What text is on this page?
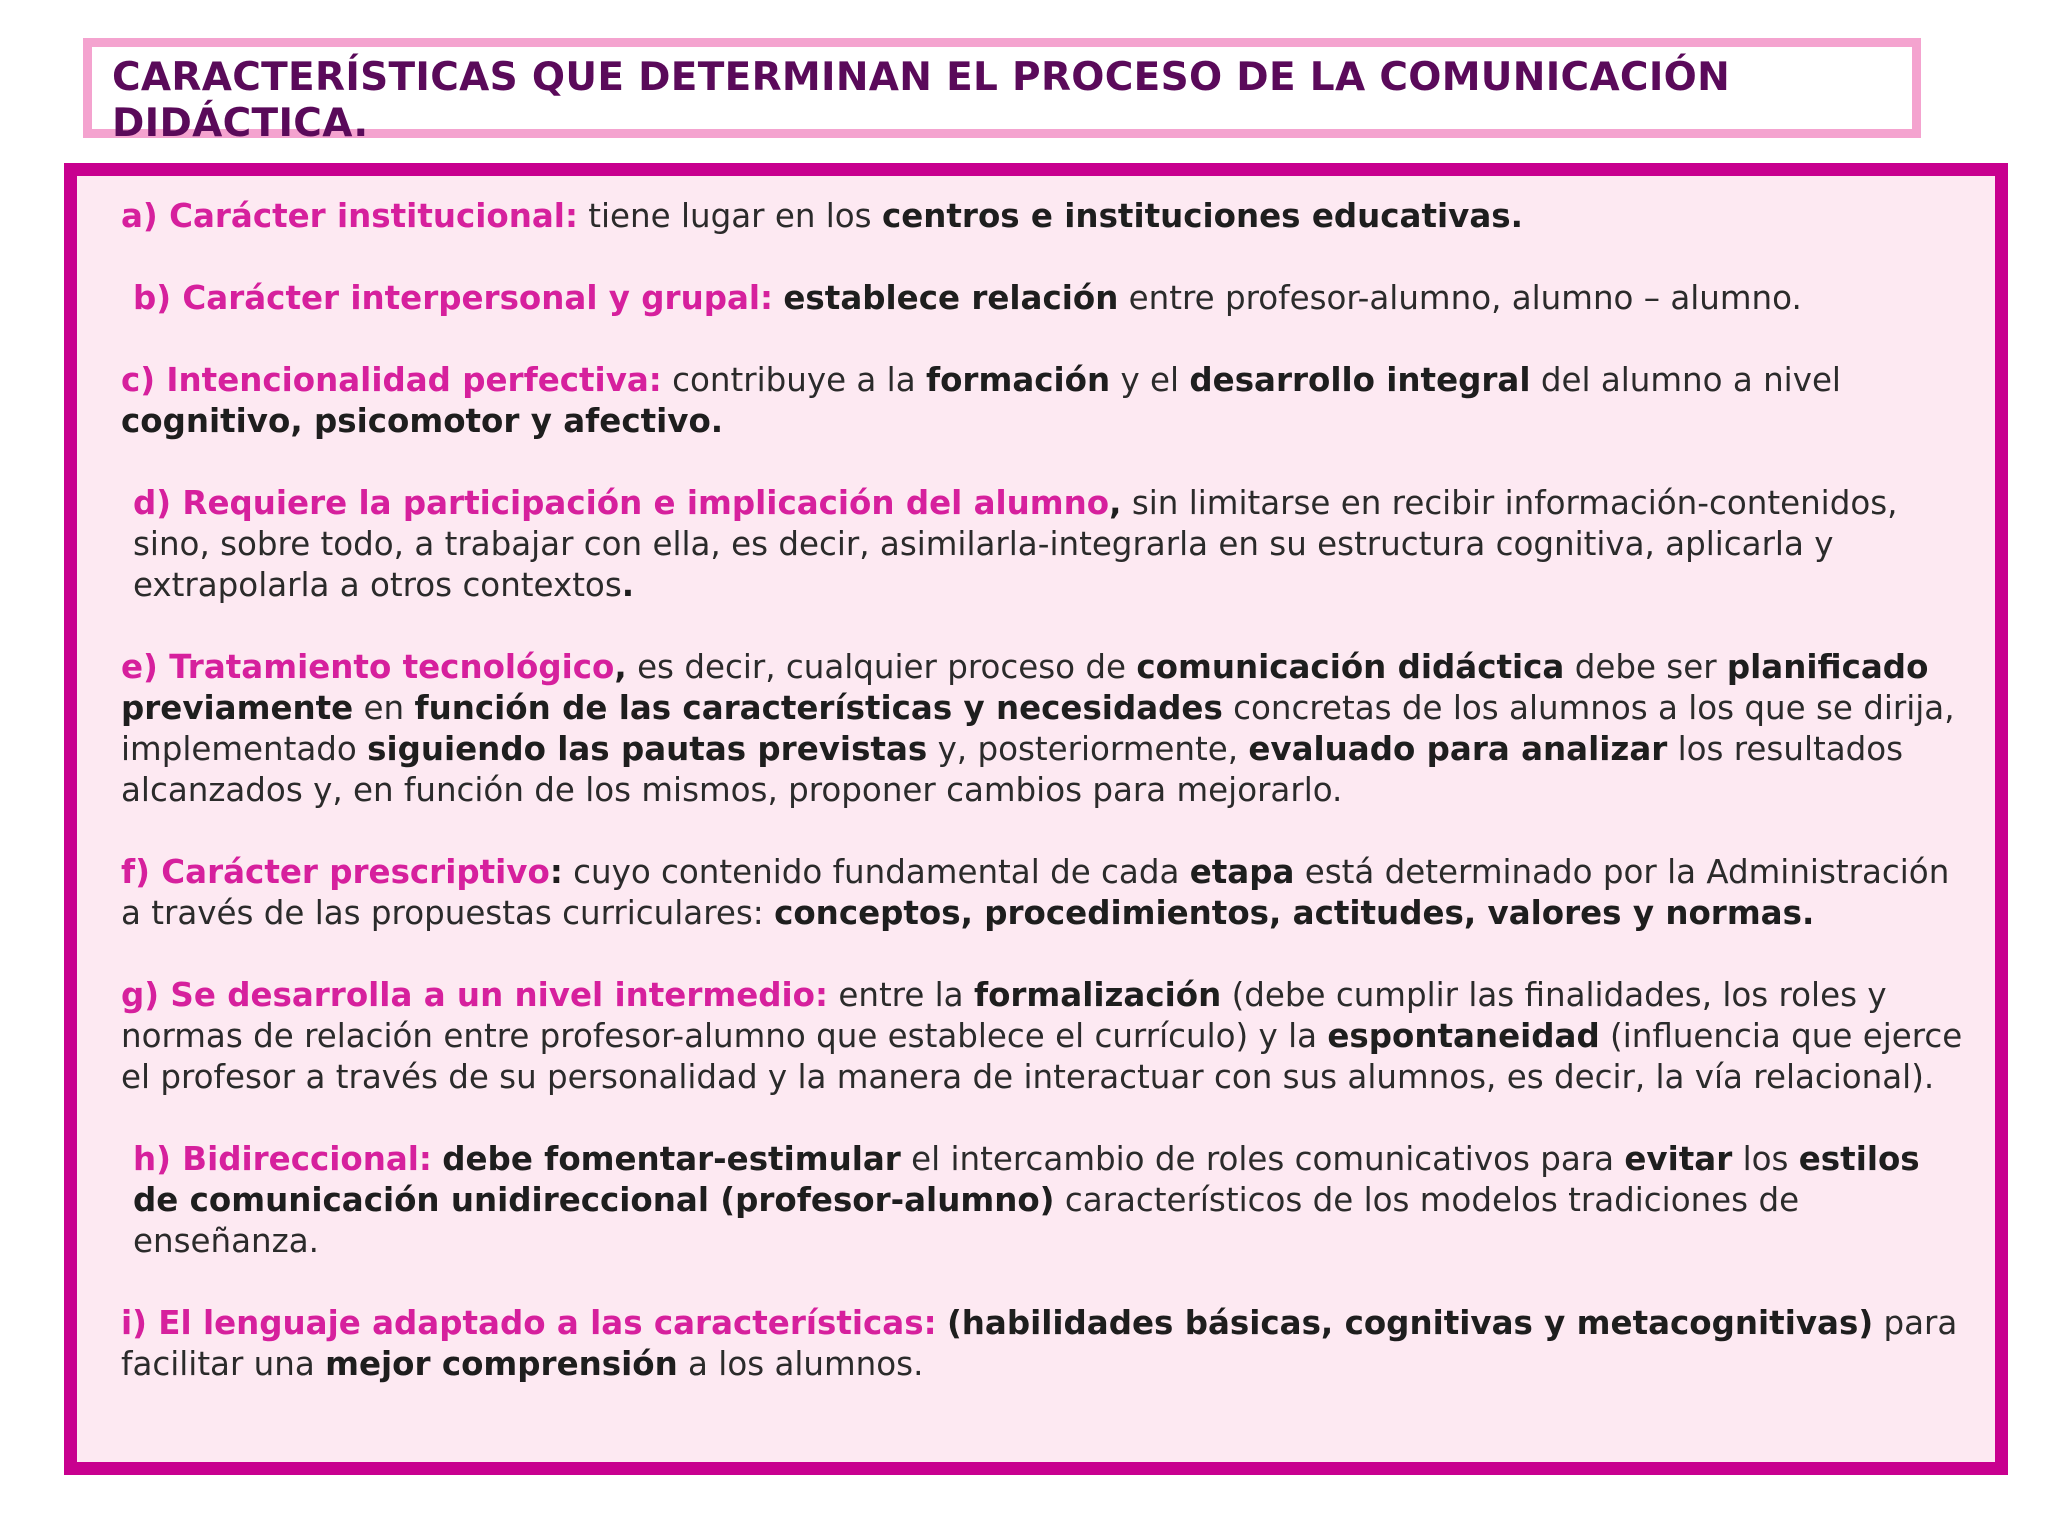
CARACTERÍSTICAS QUE DETERMINAN EL PROCESO DE LA COMUNICACIÓN DIDÁCTICA.

a) Carácter institucional: tiene lugar en los centros e instituciones educativas.

b) Carácter interpersonal y grupal: establece relación entre profesor-alumno, alumno – alumno.

c) Intencionalidad perfectiva: contribuye a la formación y el desarrollo integral del alumno a nivel cognitivo, psicomotor y afectivo.

d) Requiere la participación e implicación del alumno, sin limitarse en recibir información-contenidos, sino, sobre todo, a trabajar con ella, es decir, asimilarla-integrarla en su estructura cognitiva, aplicarla y extrapolarla a otros contextos.

e) Tratamiento tecnológico, es decir, cualquier proceso de comunicación didáctica debe ser planificado previamente en función de las características y necesidades concretas de los alumnos a los que se dirija, implementado siguiendo las pautas previstas y, posteriormente, evaluado para analizar los resultados alcanzados y, en función de los mismos, proponer cambios para mejorarlo.

f) Carácter prescriptivo: cuyo contenido fundamental de cada etapa está determinado por la Administración a través de las propuestas curriculares: conceptos, procedimientos, actitudes, valores y normas.

g) Se desarrolla a un nivel intermedio: entre la formalización (debe cumplir las finalidades, los roles y normas de relación entre profesor-alumno que establece el currículo) y la espontaneidad (influencia que ejerce el profesor a través de su personalidad y la manera de interactuar con sus alumnos, es decir, la vía relacional).

h) Bidireccional: debe fomentar-estimular el intercambio de roles comunicativos para evitar los estilos de comunicación unidireccional (profesor-alumno) característicos de los modelos tradiciones de enseñanza.

i) El lenguaje adaptado a las características: (habilidades básicas, cognitivas y metacognitivas) para facilitar una mejor comprensión a los alumnos.
